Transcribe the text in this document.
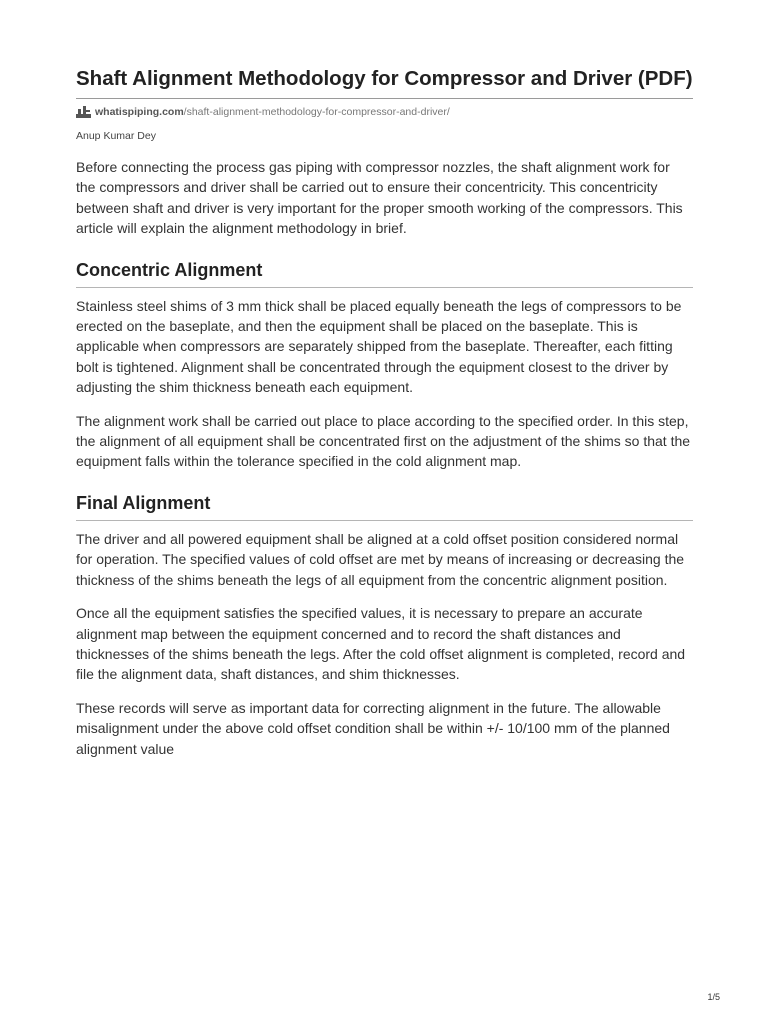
Shaft Alignment Methodology for Compressor and Driver (PDF)
whatispiping.com /shaft-alignment-methodology-for-compressor-and-driver/
Anup Kumar Dey

Before connecting the process gas piping with compressor nozzles, the shaft alignment work for the compressors and driver shall be carried out to ensure their concentricity. This concentricity between shaft and driver is very important for the proper smooth working of the compressors. This article will explain the alignment methodology in brief.

Concentric Alignment

Stainless steel shims of 3 mm thick shall be placed equally beneath the legs of compressors to be erected on the baseplate, and then the equipment shall be placed on the baseplate. This is applicable when compressors are separately shipped from the baseplate. Thereafter, each fitting bolt is tightened. Alignment shall be concentrated through the equipment closest to the driver by adjusting the shim thickness beneath each equipment.

The alignment work shall be carried out place to place according to the specified order. In this step, the alignment of all equipment shall be concentrated first on the adjustment of the shims so that the equipment falls within the tolerance specified in the cold alignment map.

Final Alignment

The driver and all powered equipment shall be aligned at a cold offset position considered normal for operation. The specified values of cold offset are met by means of increasing or decreasing the thickness of the shims beneath the legs of all equipment from the concentric alignment position.

Once all the equipment satisfies the specified values, it is necessary to prepare an accurate alignment map between the equipment concerned and to record the shaft distances and thicknesses of the shims beneath the legs. After the cold offset alignment is completed, record and file the alignment data, shaft distances, and shim thicknesses.

These records will serve as important data for correcting alignment in the future. The allowable misalignment under the above cold offset condition shall be within +/- 10/100 mm of the planned alignment value

1/5
